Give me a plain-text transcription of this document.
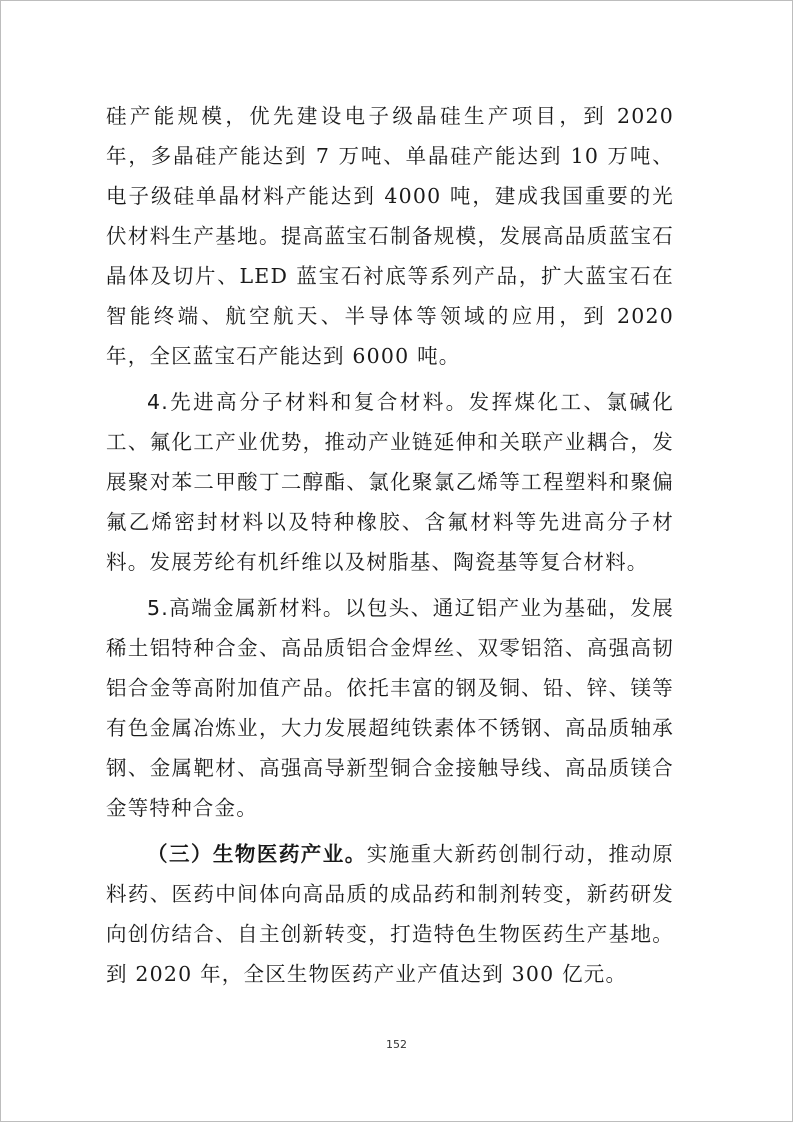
硅产能规模，优先建设电子级晶硅生产项目，到 2020 年，多晶硅产能达到 7 万吨、单晶硅产能达到 10 万吨、电子级硅单晶材料产能达到 4000 吨，建成我国重要的光伏材料生产基地。提高蓝宝石制备规模，发展高品质蓝宝石晶体及切片、LED 蓝宝石衬底等系列产品，扩大蓝宝石在智能终端、航空航天、半导体等领域的应用，到 2020 年，全区蓝宝石产能达到 6000 吨。

4.先进高分子材料和复合材料。发挥煤化工、氯碱化工、氟化工产业优势，推动产业链延伸和关联产业耦合，发展聚对苯二甲酸丁二醇酯、氯化聚氯乙烯等工程塑料和聚偏氟乙烯密封材料以及特种橡胶、含氟材料等先进高分子材料。发展芳纶有机纤维以及树脂基、陶瓷基等复合材料。

5.高端金属新材料。以包头、通辽铝产业为基础，发展稀土铝特种合金、高品质铝合金焊丝、双零铝箔、高强高韧铝合金等高附加值产品。依托丰富的钢及铜、铅、锌、镁等有色金属冶炼业，大力发展超纯铁素体不锈钢、高品质轴承钢、金属靶材、高强高导新型铜合金接触导线、高品质镁合金等特种合金。

（三）生物医药产业。实施重大新药创制行动，推动原料药、医药中间体向高品质的成品药和制剂转变，新药研发向创仿结合、自主创新转变，打造特色生物医药生产基地。到 2020 年，全区生物医药产业产值达到 300 亿元。

152
